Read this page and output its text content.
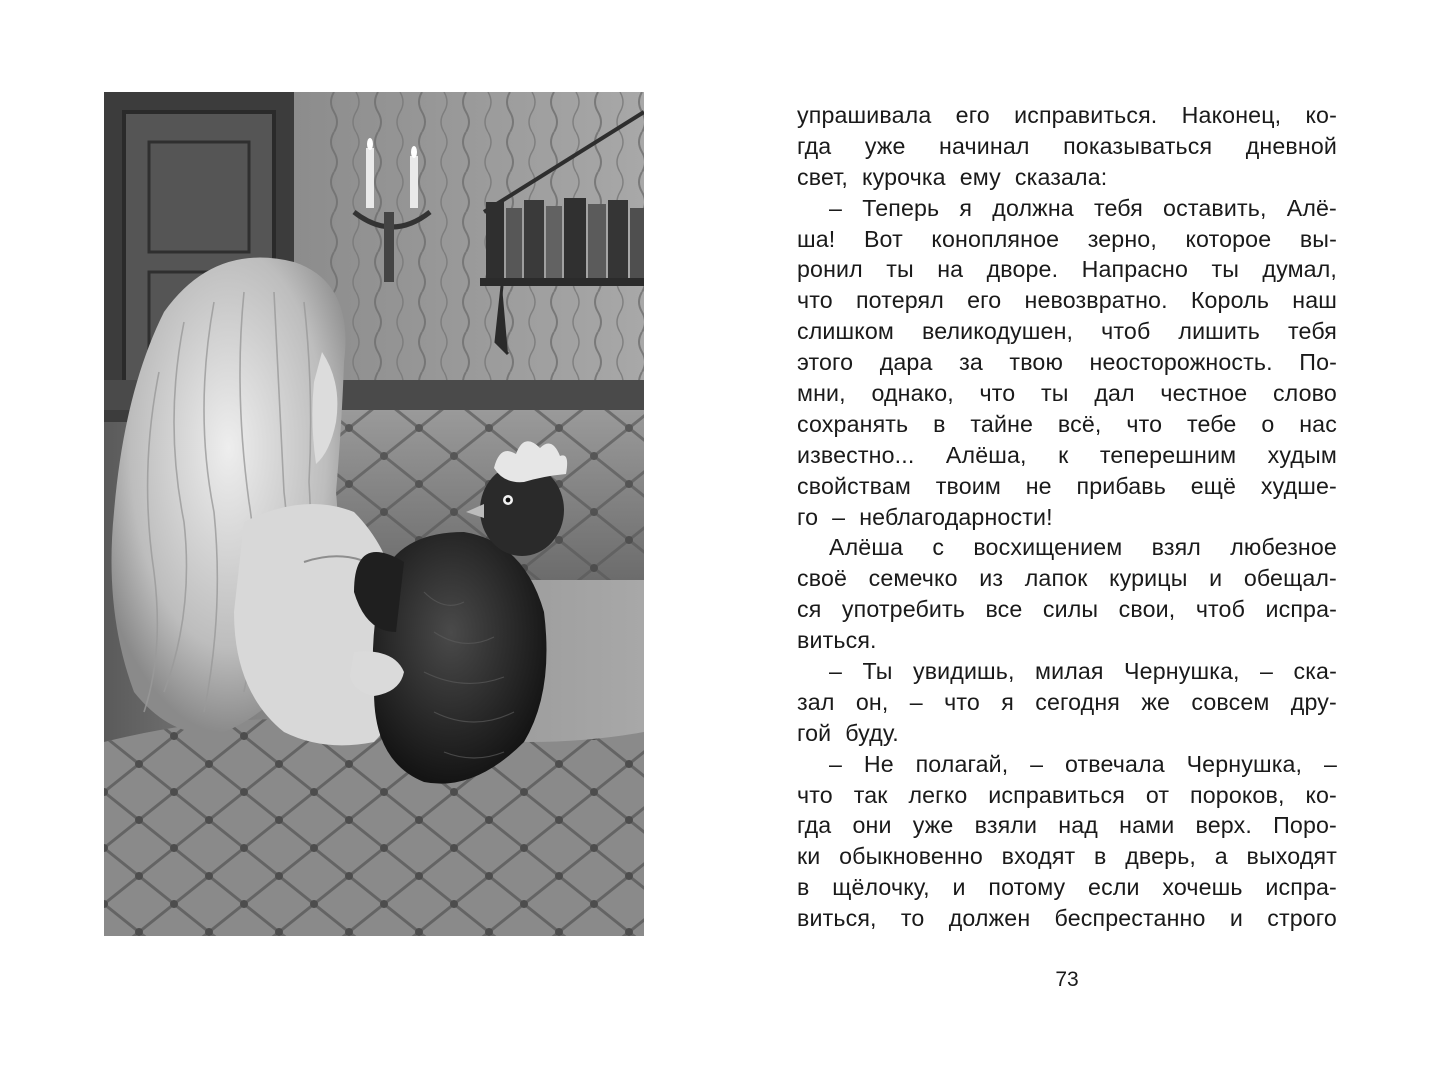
упрашивала его исправиться. Наконец, ко-
гда уже начинал показываться дневной
свет, курочка ему сказала:
– Теперь я должна тебя оставить, Алё-
ша! Вот конопляное зерно, которое вы-
ронил ты на дворе. Напрасно ты думал,
что потерял его невозвратно. Король наш
слишком великодушен, чтоб лишить тебя
этого дара за твою неосторожность. По-
мни, однако, что ты дал честное слово
сохранять в тайне всё, что тебе о нас
известно... Алёша, к теперешним худым
свойствам твоим не прибавь ещё худше-
го – неблагодарности!
Алёша с восхищением взял любезное
своё семечко из лапок курицы и обещал-
ся употребить все силы свои, чтоб испра-
виться.
– Ты увидишь, милая Чернушка, – ска-
зал он, – что я сегодня же совсем дру-
гой буду.
– Не полагай, – отвечала Чернушка, –
что так легко исправиться от пороков, ко-
гда они уже взяли над нами верх. Поро-
ки обыкновенно входят в дверь, а выходят
в щёлочку, и потому если хочешь испра-
виться, то должен беспрестанно и строго
73
